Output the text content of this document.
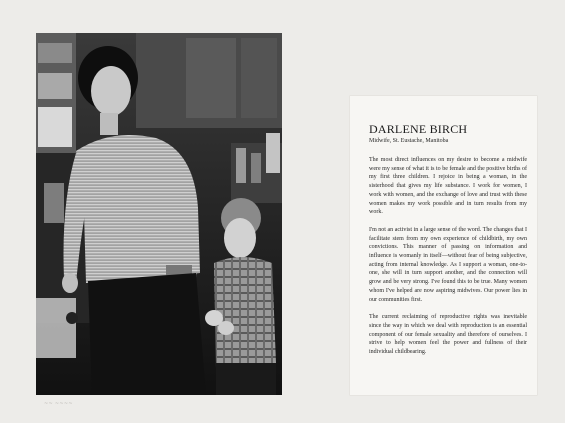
~~ ~~~~
DARLENE BIRCH
Midwife, St. Eustache, Manitoba

The most direct influences on my desire to become a midwife were my sense of what it is to be female and the positive births of my first three children. I rejoice in being a woman, in the sisterhood that gives my life substance. I work for women, I work with women, and the exchange of love and trust with these women makes my work possible and in turn results from my work.

I'm not an activist in a large sense of the word. The changes that I facilitate stem from my own experience of childbirth, my own convictions. This manner of passing on information and influence is womanly in itself—without fear of being subjective, acting from internal knowledge. As I support a woman, one-to-one, she will in turn support another, and the connection will grow and be very strong. I've found this to be true. Many women whom I've helped are now aspiring midwives. Our power lies in our communities first.

The current reclaiming of reproductive rights was inevitable since the way in which we deal with reproduction is an essential component of our female sexuality and therefore of ourselves. I strive to help women feel the power and fullness of their individual childbearing.
